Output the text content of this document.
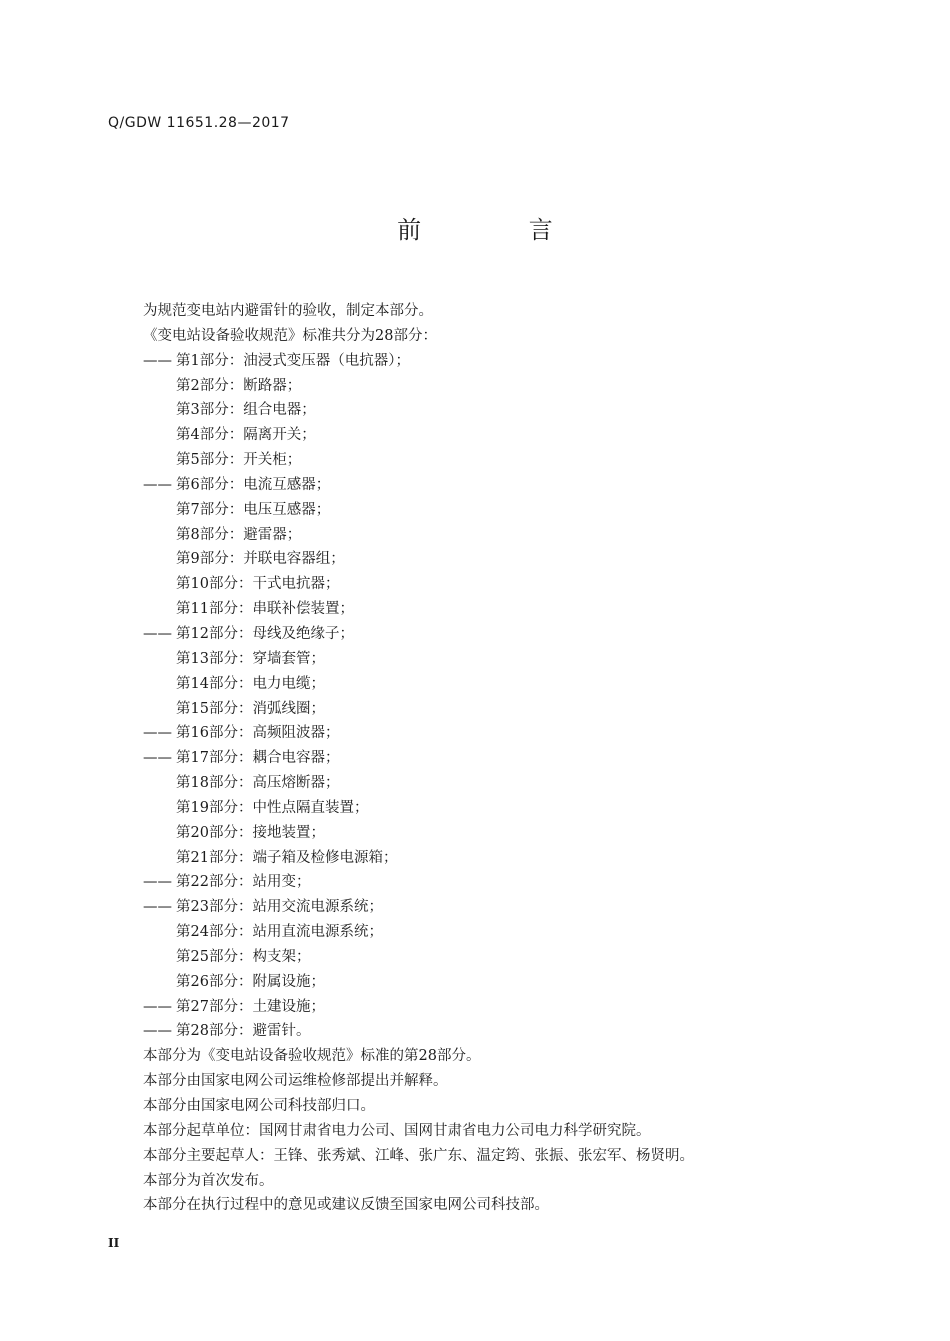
Q/GDW 11651.28—2017
前 言
为规范变电站内避雷针的验收，制定本部分。
《变电站设备验收规范》标准共分为28部分：
—— 第1部分：油浸式变压器（电抗器）；
第2部分：断路器；
第3部分：组合电器；
第4部分：隔离开关；
第5部分：开关柜；
—— 第6部分：电流互感器；
第7部分：电压互感器；
第8部分：避雷器；
第9部分：并联电容器组；
第10部分：干式电抗器；
第11部分：串联补偿装置；
—— 第12部分：母线及绝缘子；
第13部分：穿墙套管；
第14部分：电力电缆；
第15部分：消弧线圈；
—— 第16部分：高频阻波器；
—— 第17部分：耦合电容器；
第18部分：高压熔断器；
第19部分：中性点隔直装置；
第20部分：接地装置；
第21部分：端子箱及检修电源箱；
—— 第22部分：站用变；
—— 第23部分：站用交流电源系统；
第24部分：站用直流电源系统；
第25部分：构支架；
第26部分：附属设施；
—— 第27部分：土建设施；
—— 第28部分：避雷针。
本部分为《变电站设备验收规范》标准的第28部分。
本部分由国家电网公司运维检修部提出并解释。
本部分由国家电网公司科技部归口。
本部分起草单位：国网甘肃省电力公司、国网甘肃省电力公司电力科学研究院。
本部分主要起草人：王锋、张秀斌、江峰、张广东、温定筠、张振、张宏军、杨贤明。
本部分为首次发布。
本部分在执行过程中的意见或建议反馈至国家电网公司科技部。
II
